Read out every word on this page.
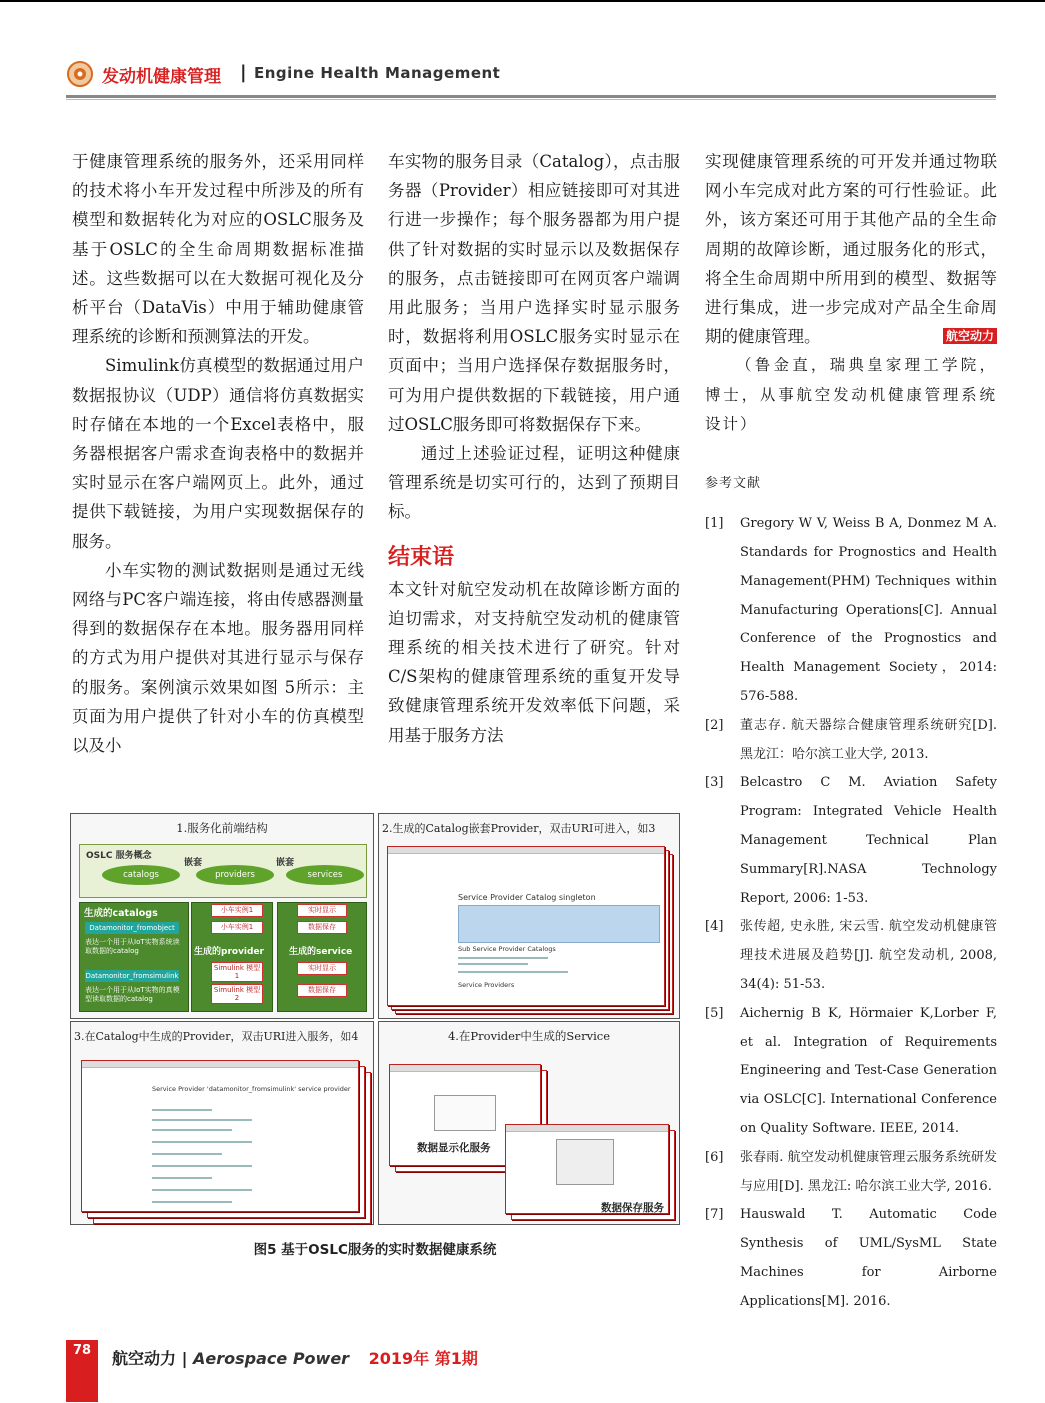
发动机健康管理 | Engine Health Management

于健康管理系统的服务外，还采用同样的技术将小车开发过程中所涉及的所有模型和数据转化为对应的OSLC服务及基于OSLC的全生命周期数据标准描述。这些数据可以在大数据可视化及分析平台（DataVis）中用于辅助健康管理系统的诊断和预测算法的开发。

Simulink仿真模型的数据通过用户数据报协议（UDP）通信将仿真数据实时存储在本地的一个Excel表格中，服务器根据客户需求查询表格中的数据并实时显示在客户端网页上。此外，通过提供下载链接，为用户实现数据保存的服务。

小车实物的测试数据则是通过无线网络与PC客户端连接，将由传感器测量得到的数据保存在本地。服务器用同样的方式为用户提供对其进行显示与保存的服务。案例演示效果如图 5所示：主页面为用户提供了针对小车的仿真模型以及小

车实物的服务目录（Catalog），点击服务器（Provider）相应链接即可对其进行进一步操作；每个服务器都为用户提供了针对数据的实时显示以及数据保存的服务，点击链接即可在网页客户端调用此服务；当用户选择实时显示服务时，数据将利用OSLC服务实时显示在页面中；当用户选择保存数据服务时，可为用户提供数据的下载链接，用户通过OSLC服务即可将数据保存下来。

通过上述验证过程，证明这种健康管理系统是切实可行的，达到了预期目标。

结束语

本文针对航空发动机在故障诊断方面的迫切需求，对支持航空发动机的健康管理系统的相关技术进行了研究。针对C/S架构的健康管理系统的重复开发导致健康管理系统开发效率低下问题，采用基于服务方法

实现健康管理系统的可开发并通过物联网小车完成对此方案的可行性验证。此外，该方案还可用于其他产品的全生命周期的故障诊断，通过服务化的形式，将全生命周期中所用到的模型、数据等进行集成，进一步完成对产品全生命周期的健康管理。	航空动力

（鲁金直，瑞典皇家理工学院，博士，从事航空发动机健康管理系统设计）

参考文献

[1] Gregory W V, Weiss B A, Donmez M A. Standards for Prognostics and Health Management(PHM) Techniques within Manufacturing Operations[C]. Annual Conference of the Prognostics and Health Management Society，2014: 576-588.
[2] 董志存. 航天器综合健康管理系统研究[D]. 黑龙江：哈尔滨工业大学, 2013.
[3] Belcastro C M. Aviation Safety Program: Integrated Vehicle Health Management Technical Plan Summary[R].NASA Technology Report, 2006: 1-53.
[4] 张传超, 史永胜, 宋云雪. 航空发动机健康管理技术进展及趋势[J]. 航空发动机, 2008, 34(4): 51-53.
[5] Aichernig B K, Hörmaier K,Lorber F, et al. Integration of Requirements Engineering and Test-Case Generation via OSLC[C]. International Conference on Quality Software. IEEE, 2014.
[6] 张春雨. 航空发动机健康管理云服务系统研发与应用[D]. 黑龙江: 哈尔滨工业大学, 2016.
[7] Hauswald T. Automatic Code Synthesis of UML/SysML State Machines for Airborne Applications[M]. 2016.
1.服务化前端结构
OSLC 服务概念
catalogs
嵌套
providers
嵌套
services
生成的catalogs
Datamonitor_fromobject
表达一个用于从IoT实物系统读取数据的catalog
Datamonitor_fromsimulink
表达一个用于从IoT实物的真模型读取数据的catalog
小车实例1
小车实例1
生成的provider
Simulink 模型1
Simulink 模型2
实时显示
数据保存
生成的service
实时显示
数据保存
2.生成的Catalog嵌套Provider，双击URI可进入，如3
Service Provider Catalog singleton
Sub Service Provider Catalogs
Service Providers
3.在Catalog中生成的Provider，双击URI进入服务，如4
Service Provider 'datamonitor_fromsimulink' service provider
4.在Provider中生成的Service
数据显示化服务
数据保存服务
图5 基于OSLC服务的实时数据健康系统
78	航空动力 | Aerospace Power 2019年 第1期
